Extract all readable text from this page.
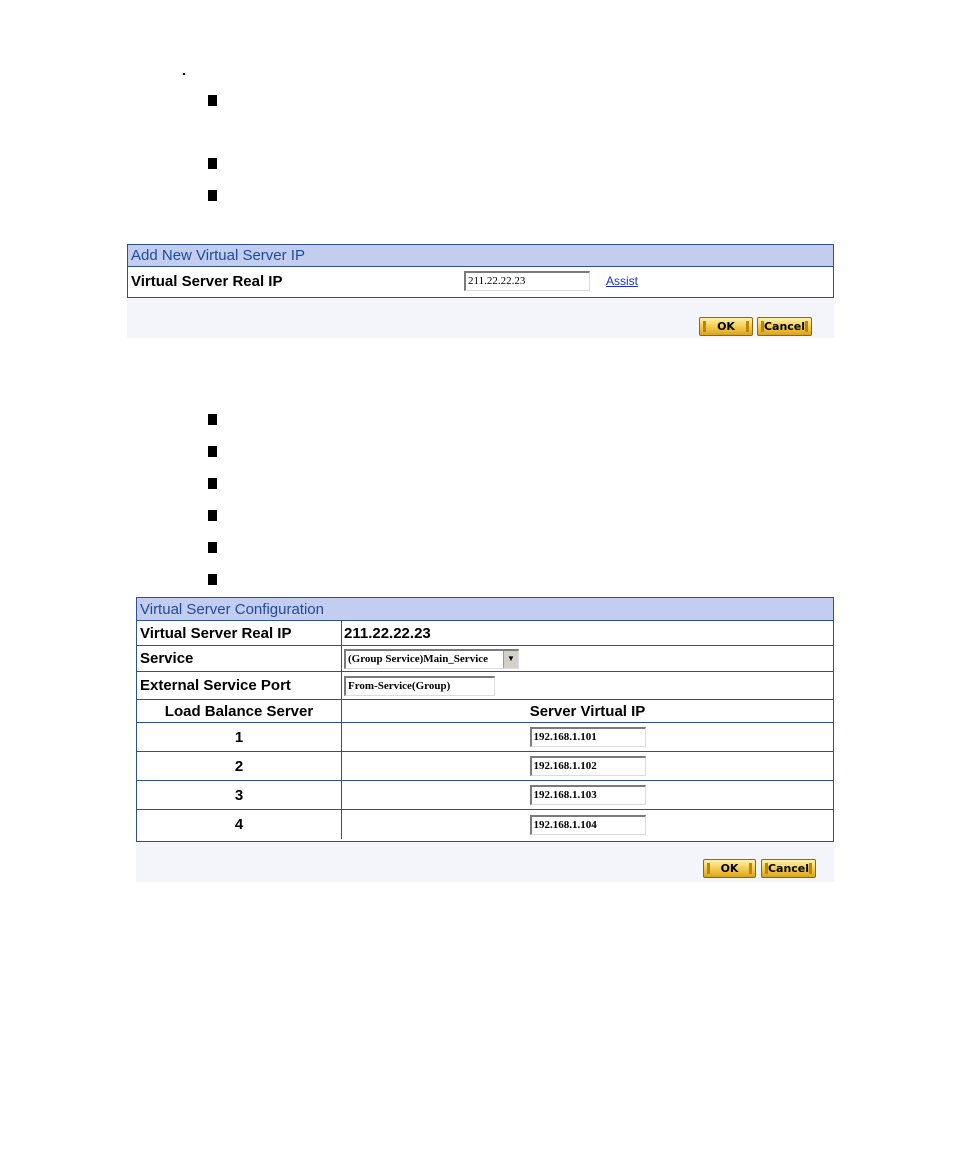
Add New Virtual Server IP
Virtual Server Real IP	211.22.22.23	Assist
OK	Cancel
Virtual Server Configuration
Virtual Server Real IP	211.22.22.23
Service	(Group Service)Main_Service	▼
External Service Port	From-Service(Group)
Load Balance Server	Server Virtual IP
1	192.168.1.101
2	192.168.1.102
3	192.168.1.103
4	192.168.1.104
OK	Cancel
